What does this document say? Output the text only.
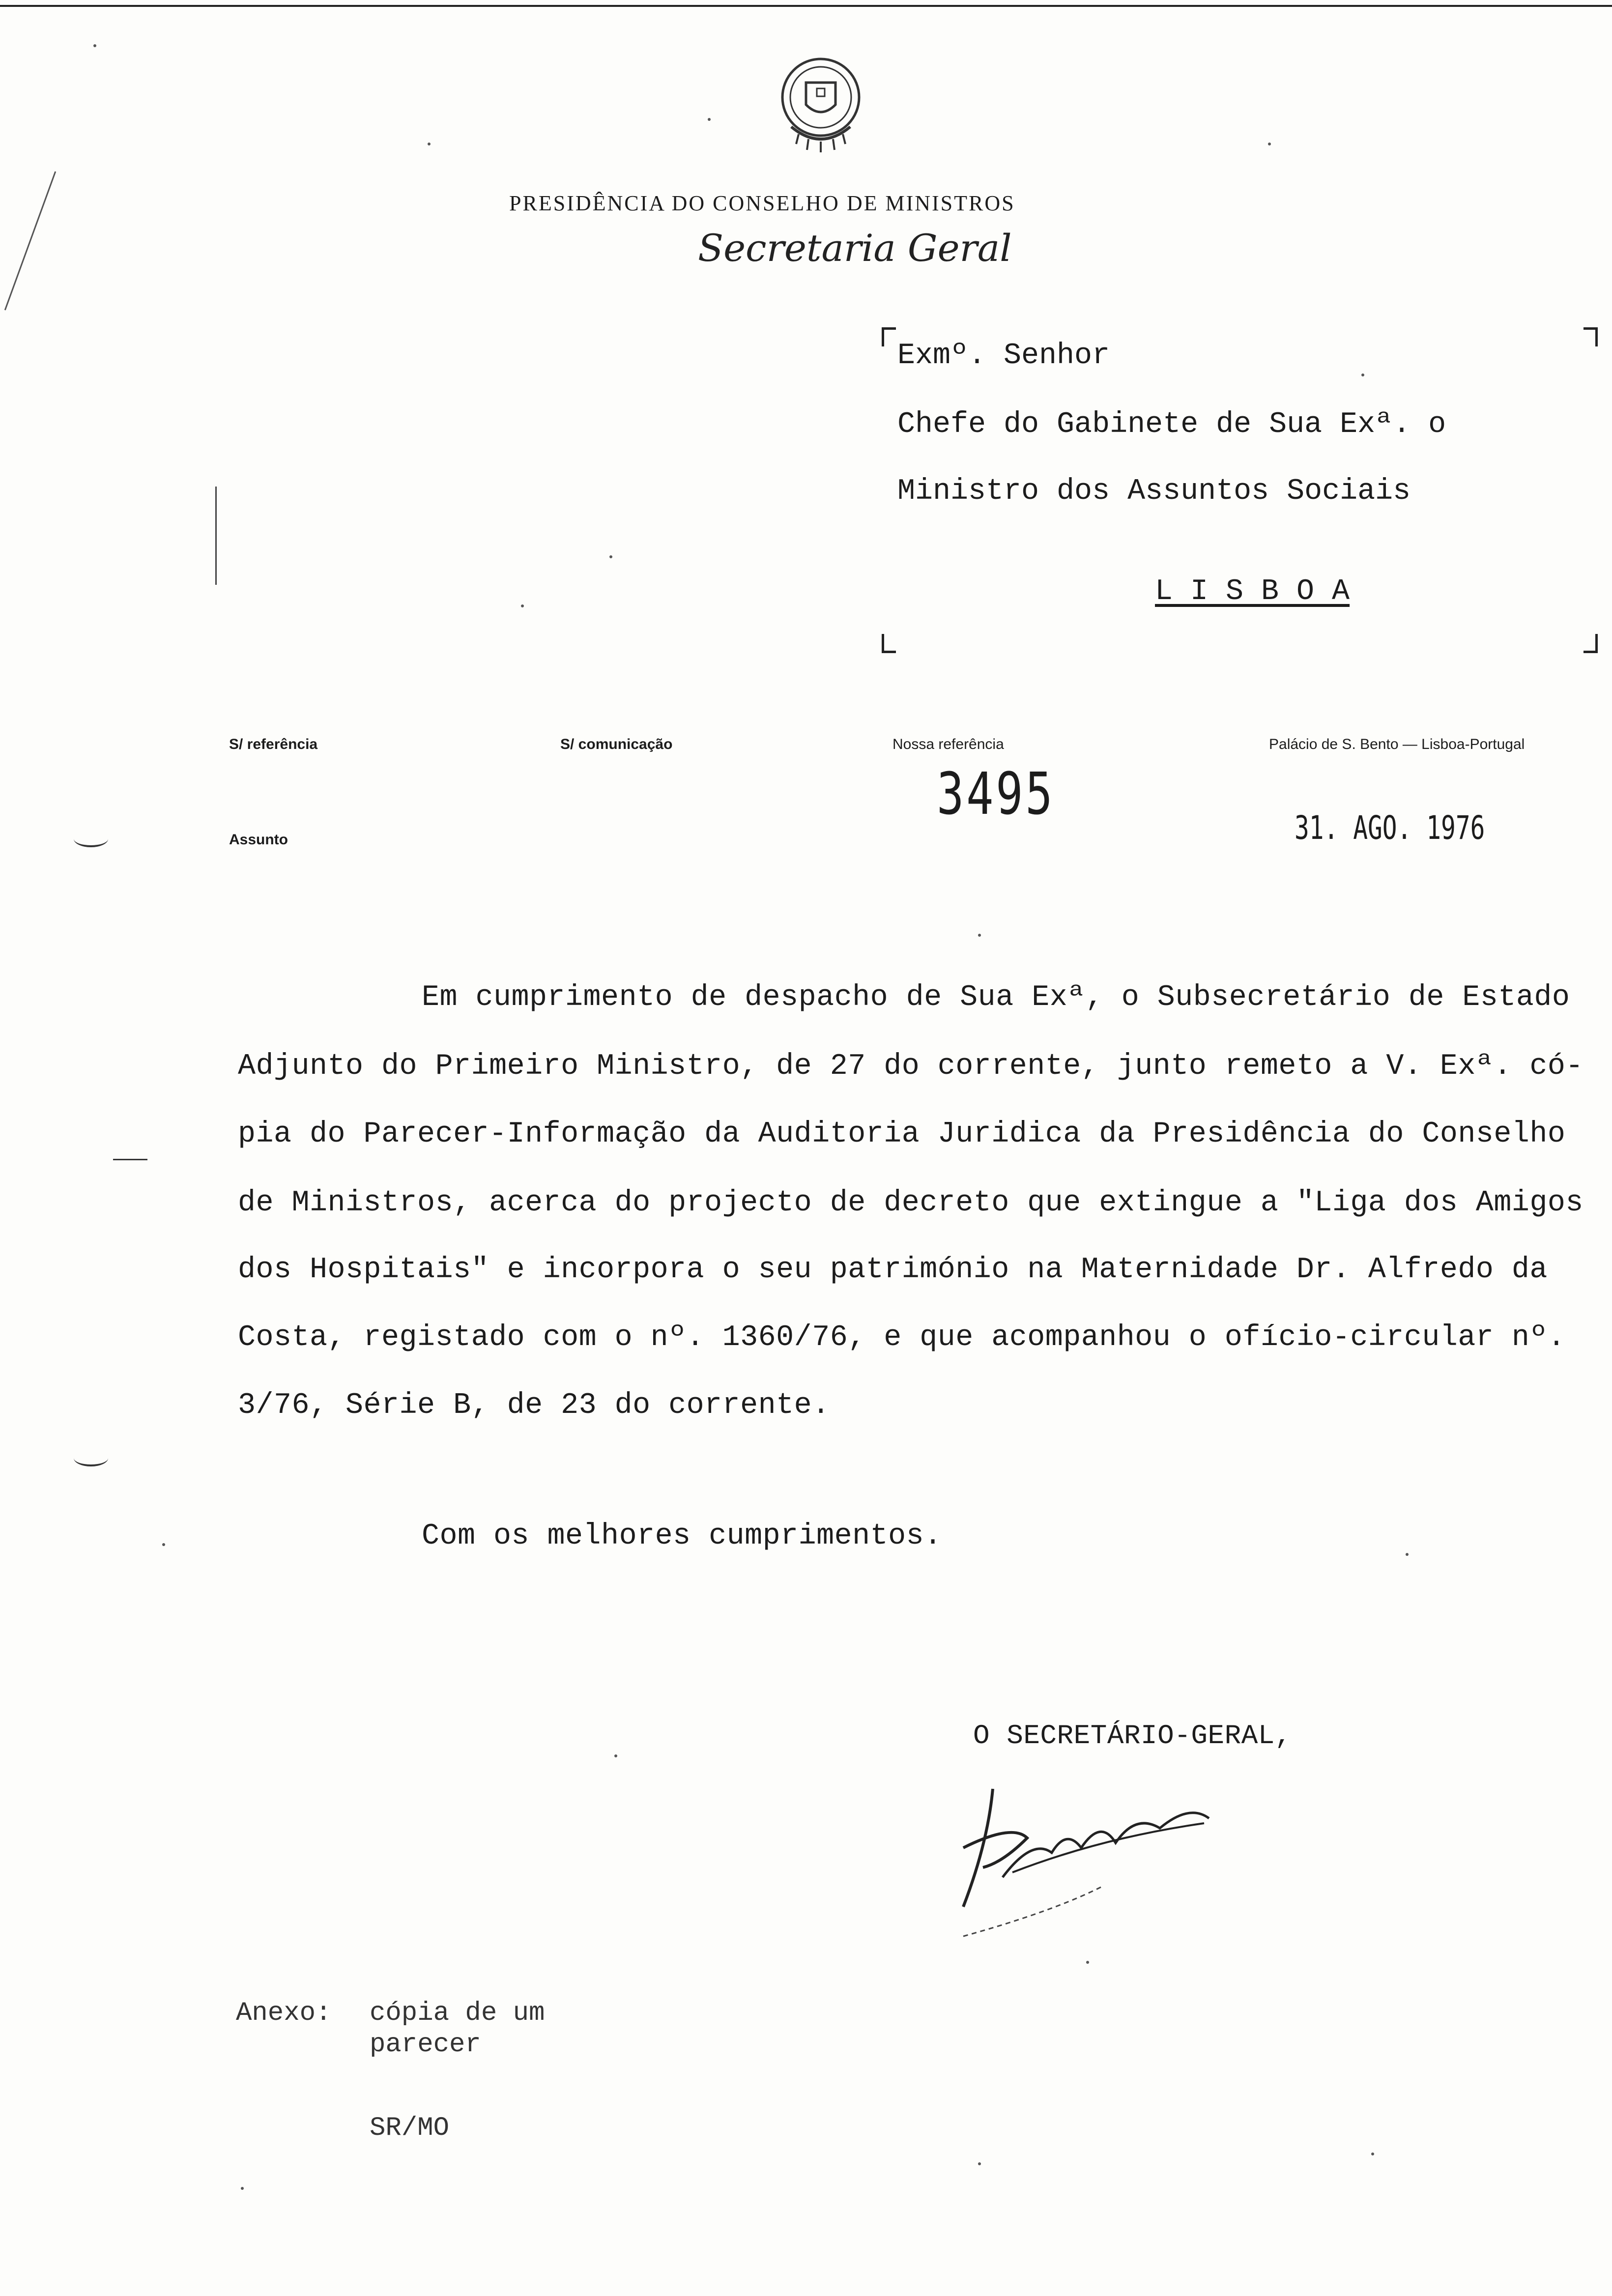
PRESIDÊNCIA DO CONSELHO DE MINISTROS
Secretaria Geral
Exmº. Senhor
Chefe do Gabinete de Sua Exª. o
Ministro dos Assuntos Sociais
L I S B O A
S/ referência	S/ comunicação	Nossa referência	Palácio de S. Bento — Lisboa-Portugal
3495
31. AGO. 1976
Assunto
Em cumprimento de despacho de Sua Exª, o Subsecretário de Estado
Adjunto do Primeiro Ministro, de 27 do corrente, junto remeto a V. Exª. có-
pia do Parecer-Informação da Auditoria Juridica da Presidência do Conselho
de Ministros, acerca do projecto de decreto que extingue a "Liga dos Amigos
dos Hospitais" e incorpora o seu património na Maternidade Dr. Alfredo da
Costa, registado com o nº. 1360/76, e que acompanhou o ofício-circular nº.
3/76, Série B, de 23 do corrente.
Com os melhores cumprimentos.
O SECRETÁRIO-GERAL,
Anexo: cópia de um
parecer
SR/MO
